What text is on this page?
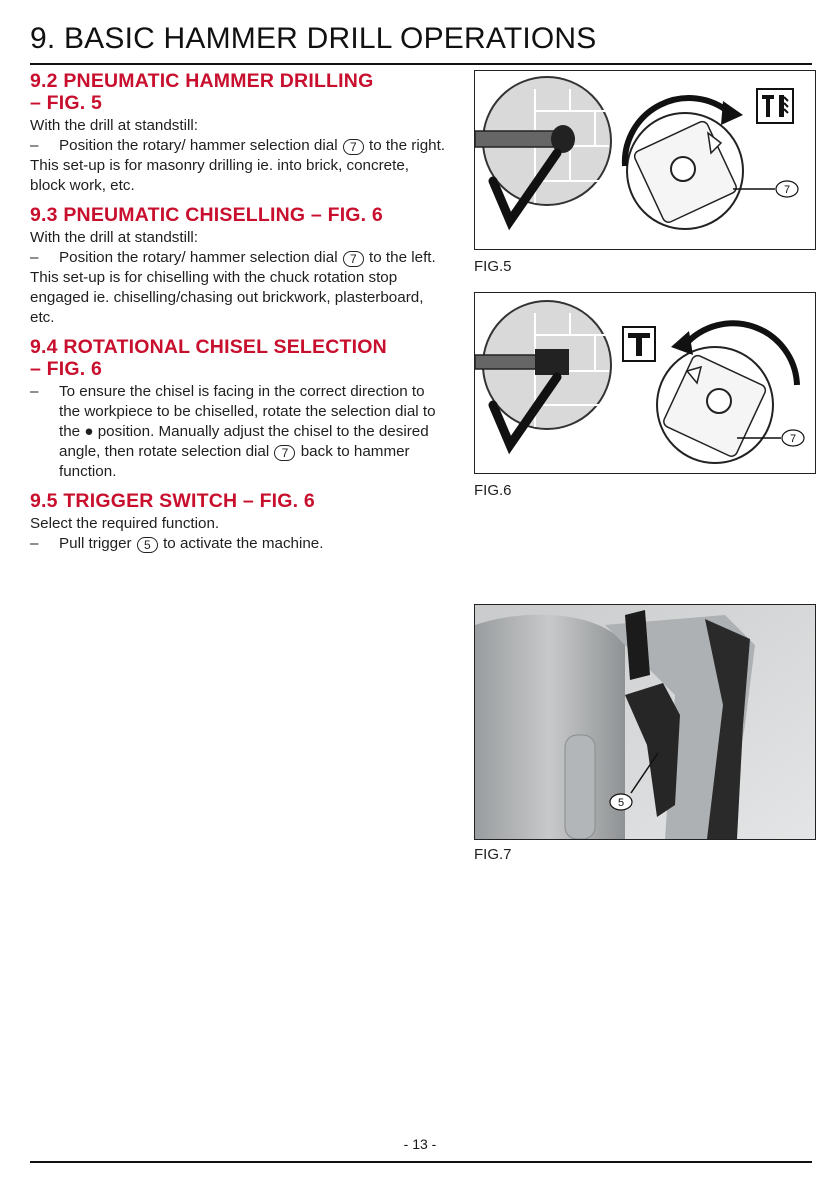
9. BASIC HAMMER DRILL OPERATIONS
9.2 PNEUMATIC HAMMER DRILLING
– FIG. 5

With the drill at standstill:

– Position the rotary/ hammer selection dial 7 to the right.

This set-up is for masonry drilling ie. into brick, concrete, block work, etc.

9.3 PNEUMATIC CHISELLING – FIG. 6

With the drill at standstill:

– Position the rotary/ hammer selection dial 7 to the left.

This set-up is for chiselling with the chuck rotation stop engaged ie. chiselling/chasing out brickwork, plasterboard, etc.

9.4 ROTATIONAL CHISEL SELECTION
– FIG. 6

– To ensure the chisel is facing in the correct direction to the workpiece to be chiselled, rotate the selection dial to the ● position. Manually adjust the chisel to the desired angle, then rotate selection dial 7 back to hammer function.

9.5 TRIGGER SWITCH – FIG. 6

Select the required function.

– Pull trigger 5 to activate the machine.

7
FIG.5
7
FIG.6
5
FIG.7
- 13 -
